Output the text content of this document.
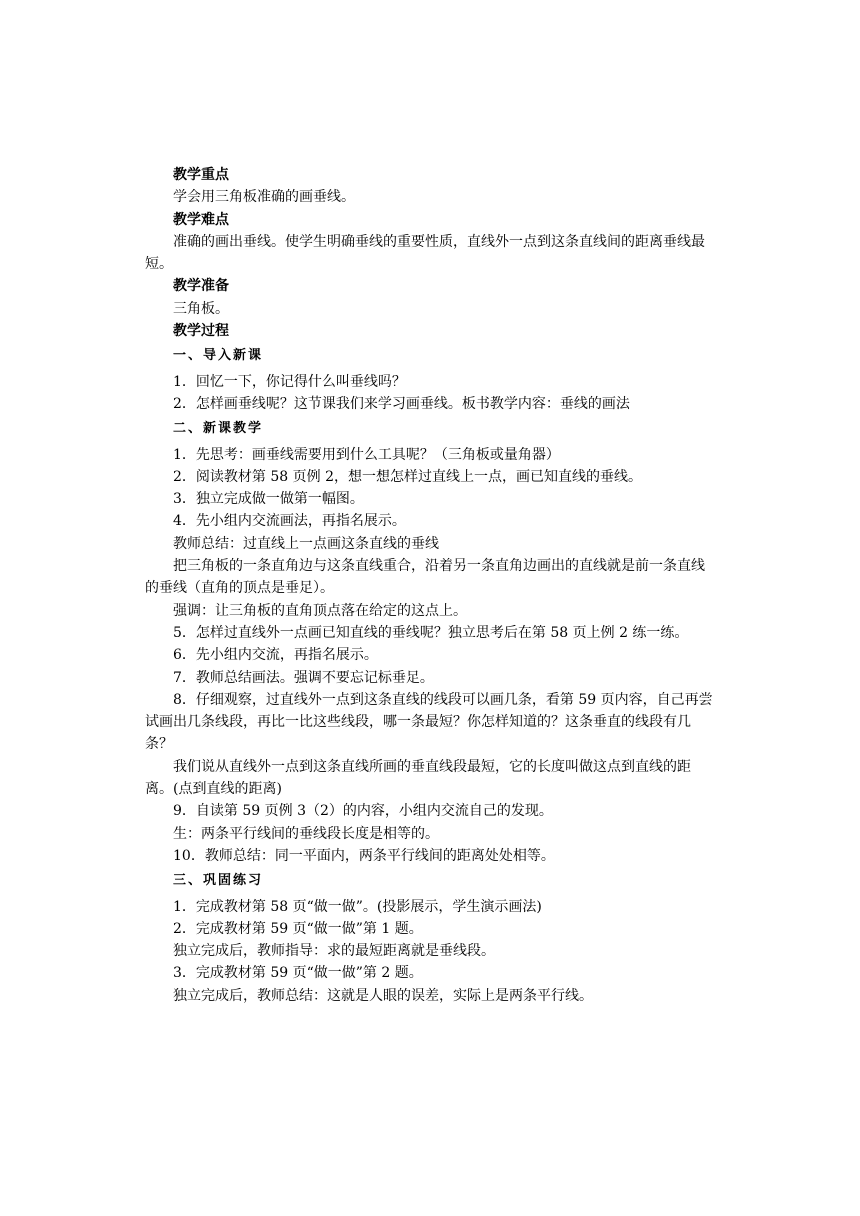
教学重点
学会用三角板准确的画垂线。
教学难点
准确的画出垂线。使学生明确垂线的重要性质，直线外一点到这条直线间的距离垂线最短。
教学准备
三角板。
教学过程
一、导入新课
1．回忆一下，你记得什么叫垂线吗？
2．怎样画垂线呢？这节课我们来学习画垂线。板书教学内容：垂线的画法
二、新课教学
1．先思考：画垂线需要用到什么工具呢？（三角板或量角器）
2．阅读教材第 58 页例 2，想一想怎样过直线上一点，画已知直线的垂线。
3．独立完成做一做第一幅图。
4．先小组内交流画法，再指名展示。
教师总结：过直线上一点画这条直线的垂线
把三角板的一条直角边与这条直线重合，沿着另一条直角边画出的直线就是前一条直线的垂线（直角的顶点是垂足）。
强调：让三角板的直角顶点落在给定的这点上。
5．怎样过直线外一点画已知直线的垂线呢？独立思考后在第 58 页上例 2 练一练。
6．先小组内交流，再指名展示。
7．教师总结画法。强调不要忘记标垂足。
8．仔细观察，过直线外一点到这条直线的线段可以画几条，看第 59 页内容，自己再尝试画出几条线段，再比一比这些线段，哪一条最短？你怎样知道的？这条垂直的线段有几条？
我们说从直线外一点到这条直线所画的垂直线段最短，它的长度叫做这点到直线的距离。(点到直线的距离)
9．自读第 59 页例 3（2）的内容，小组内交流自己的发现。
生：两条平行线间的垂线段长度是相等的。
10．教师总结：同一平面内，两条平行线间的距离处处相等。
三、巩固练习
1．完成教材第 58 页“做一做”。(投影展示，学生演示画法)
2．完成教材第 59 页“做一做”第 1 题。
独立完成后，教师指导：求的最短距离就是垂线段。
3．完成教材第 59 页“做一做”第 2 题。
独立完成后，教师总结：这就是人眼的误差，实际上是两条平行线。
